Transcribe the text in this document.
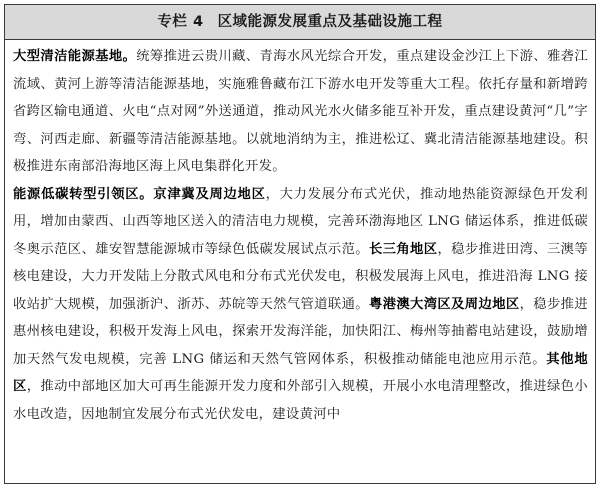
专栏 4 区域能源发展重点及基础设施工程

大型清洁能源基地。统筹推进云贵川藏、青海水风光综合开发，重点建设金沙江上下游、雅砻江流域、黄河上游等清洁能源基地，实施雅鲁藏布江下游水电开发等重大工程。依托存量和新增跨省跨区输电通道、火电“点对网”外送通道，推动风光水火储多能互补开发，重点建设黄河“几”字弯、河西走廊、新疆等清洁能源基地。以就地消纳为主，推进松辽、冀北清洁能源基地建设。积极推进东南部沿海地区海上风电集群化开发。

能源低碳转型引领区。京津冀及周边地区，大力发展分布式光伏，推动地热能资源绿色开发利用，增加由蒙西、山西等地区送入的清洁电力规模，完善环渤海地区 LNG 储运体系，推进低碳冬奥示范区、雄安智慧能源城市等绿色低碳发展试点示范。长三角地区，稳步推进田湾、三澳等核电建设，大力开发陆上分散式风电和分布式光伏发电，积极发展海上风电，推进沿海 LNG 接收站扩大规模，加强浙沪、浙苏、苏皖等天然气管道联通。粤港澳大湾区及周边地区，稳步推进惠州核电建设，积极开发海上风电，探索开发海洋能，加快阳江、梅州等抽蓄电站建设，鼓励增加天然气发电规模，完善 LNG 储运和天然气管网体系，积极推动储能电池应用示范。其他地区，推动中部地区加大可再生能源开发力度和外部引入规模，开展小水电清理整改，推进绿色小水电改造，因地制宜发展分布式光伏发电，建设黄河中
